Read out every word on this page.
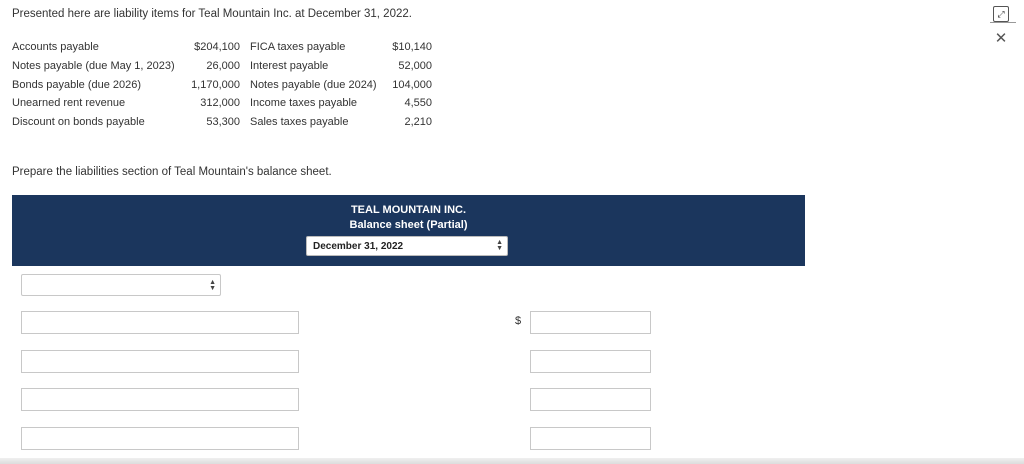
Presented here are liability items for Teal Mountain Inc. at December 31, 2022.	⤢
✕
Accounts payable	$204,100	FICA taxes payable	$10,140
Notes payable (due May 1, 2023)	26,000	Interest payable	52,000
Bonds payable (due 2026)	1,170,000	Notes payable (due 2024)	104,000
Unearned rent revenue	312,000	Income taxes payable	4,550
Discount on bonds payable	53,300	Sales taxes payable	2,210
Prepare the liabilities section of Teal Mountain's balance sheet.
TEAL MOUNTAIN INC.
Balance sheet (Partial)
December 31, 2022	▲
▼
▲
▼
$
